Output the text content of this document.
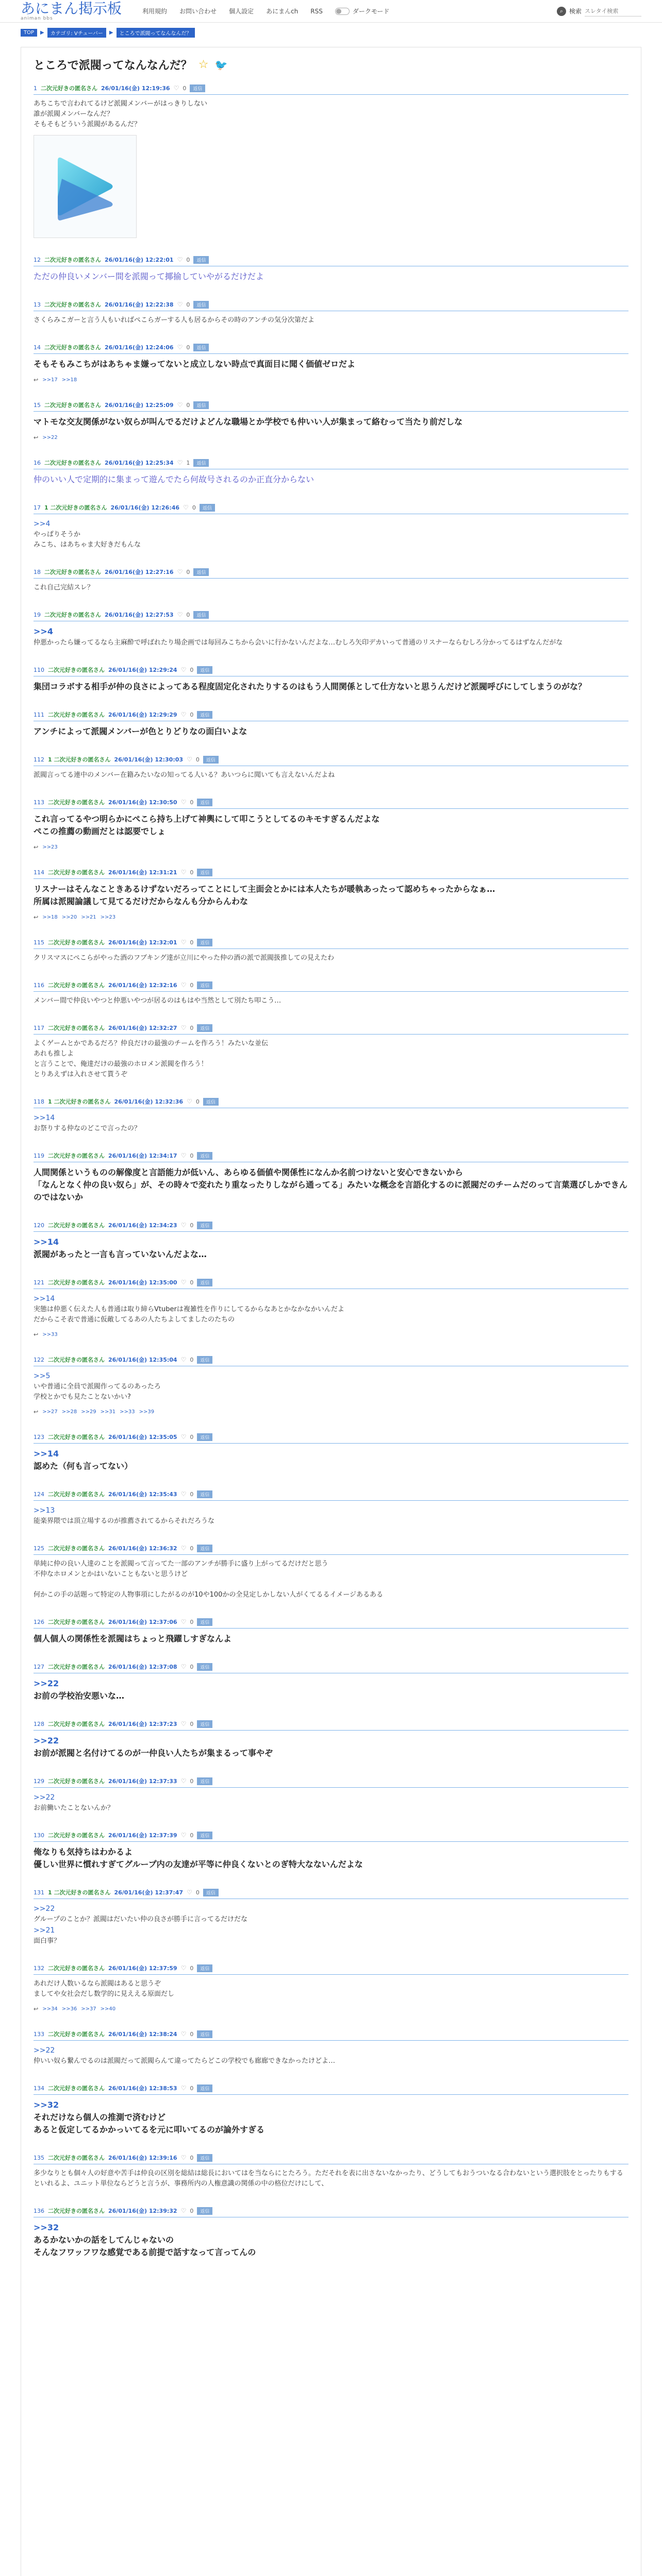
あにまん掲示板
animan bbs
利用規約 お問い合わせ 個人設定 あにまんch RSS	ダークモード	⌕ 検索
スレタイ検索
TOP	▶	カテゴリ: Vチューバー	▶	ところで派閥ってなんなんだ？
ところで派閥ってなんなんだ？ ☆ 🐦
1 二次元好きの匿名さん 26/01/16(金) 12:19:36 ♡ 0	返信
あちこちで言われてるけど派閥メンバーがはっきりしない
誰が派閥メンバーなんだ？
そもそもどういう派閥があるんだ？
12 二次元好きの匿名さん 26/01/16(金) 12:22:01 ♡ 0	返信
ただの仲良いメンバー間を派閥って揶揄していやがるだけだよ
13 二次元好きの匿名さん 26/01/16(金) 12:22:38 ♡ 0	返信
さくらみこガーと言う人もいればぺこらガーする人も居るからその時のアンチの気分次第だよ
14 二次元好きの匿名さん 26/01/16(金) 12:24:06 ♡ 0	返信
そもそもみこちがはあちゃま嫌ってないと成立しない時点で真面目に聞く価値ゼロだよ
↩ >>17 >>18
15 二次元好きの匿名さん 26/01/16(金) 12:25:09 ♡ 0	返信
マトモな交友関係がない奴らが叫んでるだけよどんな職場とか学校でも仲いい人が集まって絡むって当たり前だしな
↩ >>22
16 二次元好きの匿名さん 26/01/16(金) 12:25:34 ♡ 1	返信
仲のいい人で定期的に集まって遊んでたら何故号されるのか正直分からない
17 1 二次元好きの匿名さん 26/01/16(金) 12:26:46 ♡ 0	返信
>>4
やっぱりそうか
みこち、はあちゃま大好きだもんな
18 二次元好きの匿名さん 26/01/16(金) 12:27:16 ♡ 0	返信
これ自己完結スレ？
19 二次元好きの匿名さん 26/01/16(金) 12:27:53 ♡ 0	返信
>>4
仲悪かったら嫌ってるなら主麻酔で呼ばれたり場企画では毎回みこちから会いに行かないんだよな…むしろ矢印デカいって普通のリスナーならむしろ分かってるはずなんだがな
110 二次元好きの匿名さん 26/01/16(金) 12:29:24 ♡ 0	返信
集団コラボする相手が仲の良さによってある程度固定化されたりするのはもう人間関係として仕方ないと思うんだけど派閥呼びにしてしまうのがな？
111 二次元好きの匿名さん 26/01/16(金) 12:29:29 ♡ 0	返信
アンチによって派閥メンバーが色とりどりなの面白いよな
112 1 二次元好きの匿名さん 26/01/16(金) 12:30:03 ♡ 0	返信
派閥言ってる連中のメンバー在籍みたいなの知ってる人いる？あいつらに聞いても言えないんだよね
113 二次元好きの匿名さん 26/01/16(金) 12:30:50 ♡ 0	返信
これ言ってるやつ明らかにぺこら持ち上げて神輿にして叩こうとしてるのキモすぎるんだよな
ぺこの推薦の動画だとは認要でしょ
↩ >>23
114 二次元好きの匿名さん 26/01/16(金) 12:31:21 ♡ 0	返信
リスナーはそんなこときあるけずないだろってことにして主面会とかには本人たちが暖執あったって認めちゃったからなぁ…
所属は派閥論議して見てるだけだからなんも分からんわな
↩ >>18 >>20 >>21 >>23
115 二次元好きの匿名さん 26/01/16(金) 12:32:01 ♡ 0	返信
クリスマスにぺこらがやった酒のフブキング達が立川にやった仲の酒の派で派閥扱推しての見えたわ
116 二次元好きの匿名さん 26/01/16(金) 12:32:16 ♡ 0	返信
メンバー間で仲良いやつと仲悪いやつが居るのはもはや当然として別たち叩こう…
117 二次元好きの匿名さん 26/01/16(金) 12:32:27 ♡ 0	返信
よくゲームとかであるだろ？仲良だけの最強のチームを作ろう！みたいな並伝
あれも推しよ
と言うことで、俺達だけの最強のホロメン派閥を作ろう！
とりあえずは入れさせて貰うぞ
118 1 二次元好きの匿名さん 26/01/16(金) 12:32:36 ♡ 0	返信
>>14
お祭りする仲なのどこで言ったの？
119 二次元好きの匿名さん 26/01/16(金) 12:34:17 ♡ 0	返信
人間関係というものの解像度と言語能力が低いん、あらゆる価値や関係性になんか名前つけないと安心できないから
「なんとなく仲の良い奴ら」が、その時々で変れたり重なったりしながら通ってる」みたいな概念を言語化するのに派閥だのチームだのって言葉選びしかできんのではないか
120 二次元好きの匿名さん 26/01/16(金) 12:34:23 ♡ 0	返信
>>14
派閥があったと一言も言っていないんだよな…
121 二次元好きの匿名さん 26/01/16(金) 12:35:00 ♡ 0	返信
>>14
実態は仲悪く伝えた人も普通は取り締らVtuberは複雑性を作りにしてるからなあとかなかなかいんだよ
だからこそ表で普通に仮敵してるあの人たちよしてましたのたちの
↩ >>33
122 二次元好きの匿名さん 26/01/16(金) 12:35:04 ♡ 0	返信
>>5
いや普通に全員で派閥作ってるのあったろ
学校とかでも見たことないかい?
↩ >>27 >>28 >>29 >>31 >>33 >>39
123 二次元好きの匿名さん 26/01/16(金) 12:35:05 ♡ 0	返信
>>14
認めた（何も言ってない）
124 二次元好きの匿名さん 26/01/16(金) 12:35:43 ♡ 0	返信
>>13
能楽界隈では頂立場するのが推薦されてるからそれだろうな
125 二次元好きの匿名さん 26/01/16(金) 12:36:32 ♡ 0	返信
単純に仲の良い人達のことを派閥って言ってた一部のアンチが勝手に盛り上がってるだけだと思う
不仲なホロメンとかはいないこともないと思うけど

何かこの手の話題って特定の人物事項にしたがるのが10や100かの全見定しかしない人がくてるるイメージあるある
126 二次元好きの匿名さん 26/01/16(金) 12:37:06 ♡ 0	返信
個人個人の関係性を派閥はちょっと飛躍しすぎなんよ
127 二次元好きの匿名さん 26/01/16(金) 12:37:08 ♡ 0	返信
>>22
お前の学校治安悪いな…
128 二次元好きの匿名さん 26/01/16(金) 12:37:23 ♡ 0	返信
>>22
お前が派閥と名付けてるのが一仲良い人たちが集まるって事やぞ
129 二次元好きの匿名さん 26/01/16(金) 12:37:33 ♡ 0	返信
>>22
お前働いたことないんか？
130 二次元好きの匿名さん 26/01/16(金) 12:37:39 ♡ 0	返信
俺なりも気持ちはわかるよ
優しい世界に慣れすぎてグループ内の友達が平等に仲良くないとのぎ特大なないんだよな
131 1 二次元好きの匿名さん 26/01/16(金) 12:37:47 ♡ 0	返信
>>22
グループのことか？派閥はだいたい仲の良さが勝手に言ってるだけだな
>>21
面白事？
132 二次元好きの匿名さん 26/01/16(金) 12:37:59 ♡ 0	返信
あれだけ人数いるなら派閥はあると思うぞ
ましてや女社会だし数学的に見ええる原面だし
↩ >>34 >>36 >>37 >>40
133 二次元好きの匿名さん 26/01/16(金) 12:38:24 ♡ 0	返信
>>22
仲いい奴ら繋んでるのは派閥だって派閥らんて違ってたらどこの学校でも廊廊できなかったけどよ…
134 二次元好きの匿名さん 26/01/16(金) 12:38:53 ♡ 0	返信
>>32
それだけなら個人の推測で済むけど
あると仮定してるかかっいてるを元に叩いてるのが論外すぎる
135 二次元好きの匿名さん 26/01/16(金) 12:39:16 ♡ 0	返信
多少なりとも個々人の好意や苦手は仲良の区別を総結は総長においてはを当ならにとたろう。ただそれを表に出さないなかったり、どうしてもおうついなる合わないという選択肢をとったりもするといれるよ、ユニット単位ならどうと言うが、事務所内の人権意識の関係の中の格位だけにして、
136 二次元好きの匿名さん 26/01/16(金) 12:39:32 ♡ 0	返信
>>32
あるかないかの話をしてんじゃないの
そんなフワッフワな感覚である前提で話すなって言ってんの
